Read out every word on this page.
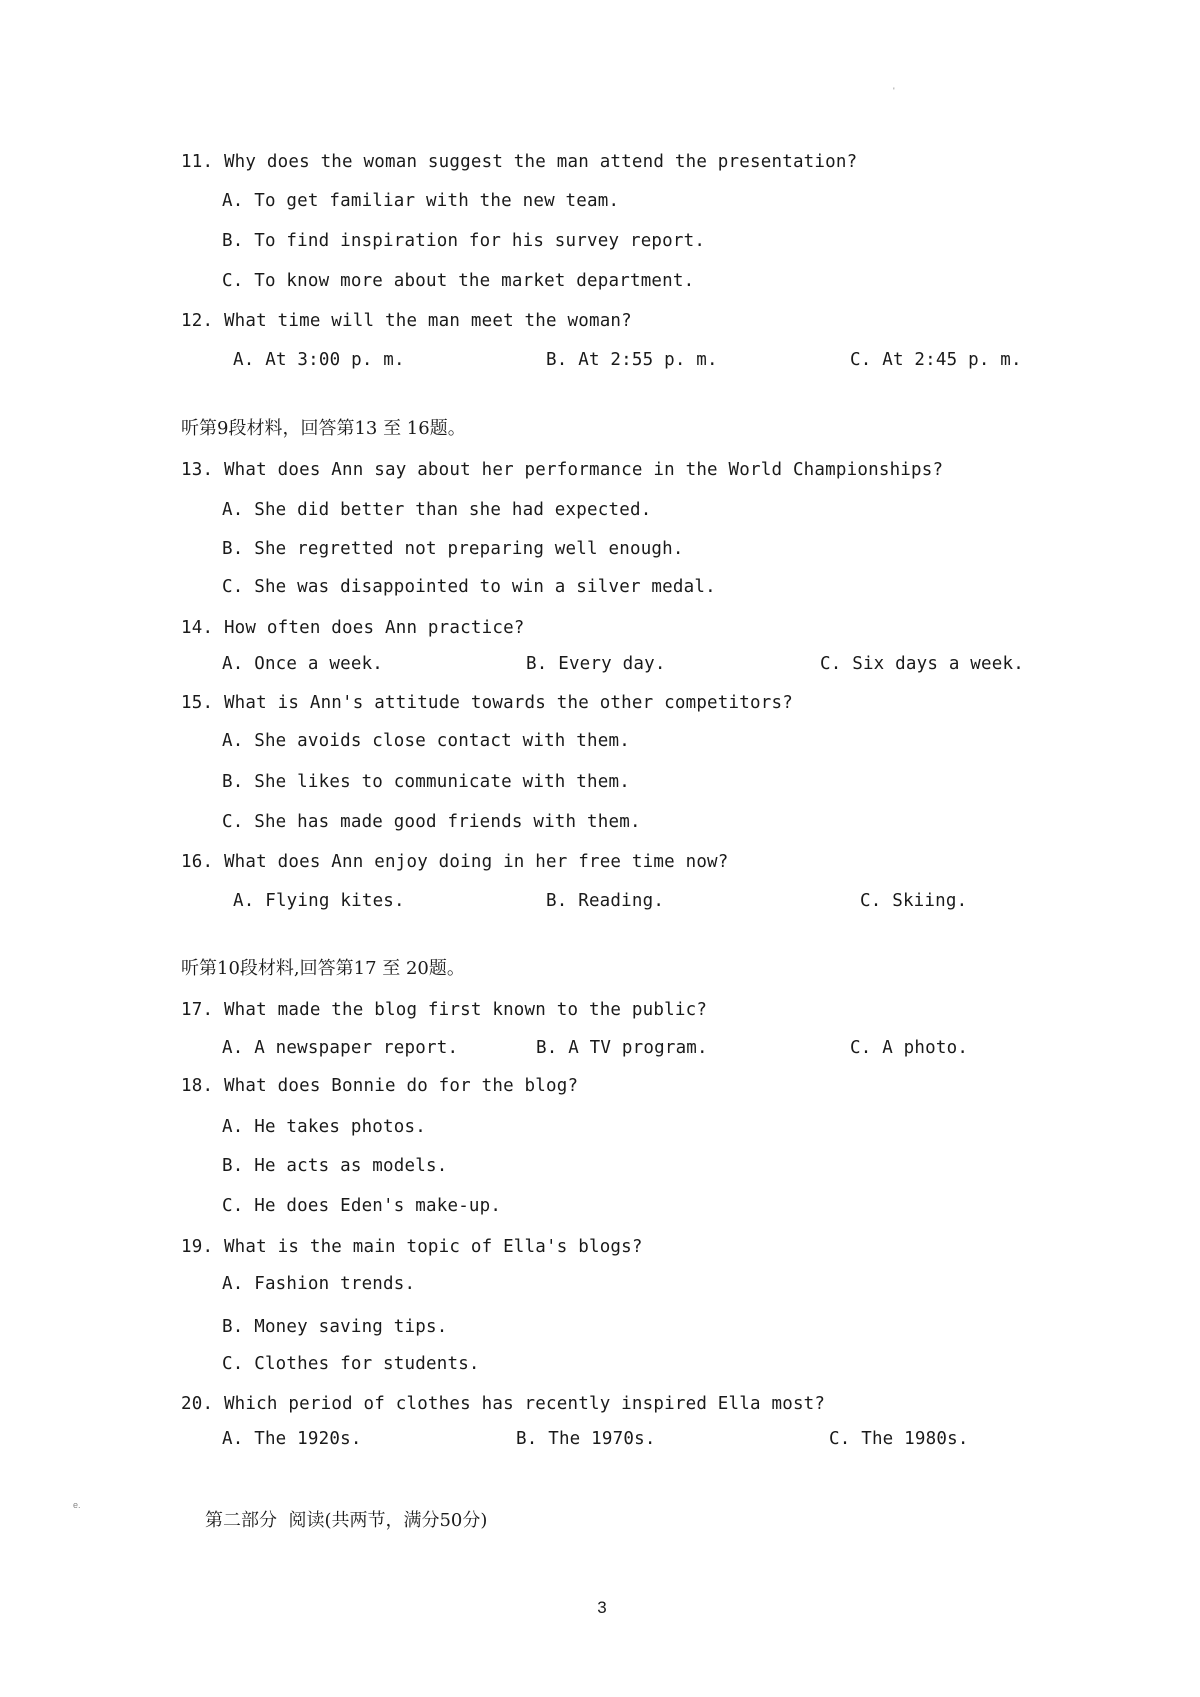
'
11. Why does the woman suggest the man attend the presentation?
A. To get familiar with the new team.
B. To find inspiration for his survey report.
C. To know more about the market department.
12. What time will the man meet the woman?
A. At 3:00 p. m.	B. At 2:55 p. m.	C. At 2:45 p. m.
听第9段材料，回答第13 至 16题。
13. What does Ann say about her performance in the World Championships?
A. She did better than she had expected.
B. She regretted not preparing well enough.
C. She was disappointed to win a silver medal.
14. How often does Ann practice?
A. Once a week.	B. Every day.	C. Six days a week.
15. What is Ann's attitude towards the other competitors?
A. She avoids close contact with them.
B. She likes to communicate with them.
C. She has made good friends with them.
16. What does Ann enjoy doing in her free time now?
A. Flying kites.	B. Reading.	C. Skiing.
听第10段材料,回答第17 至 20题。
17. What made the blog first known to the public?
A. A newspaper report.	B. A TV program.	C. A photo.
18. What does Bonnie do for the blog?
A. He takes photos.
B. He acts as models.
C. He does Eden's make-up.
19. What is the main topic of Ella's blogs?
A. Fashion trends.
B. Money saving tips.
C. Clothes for students.
20. Which period of clothes has recently inspired Ella most?
A. The 1920s.	B. The 1970s.	C. The 1980s.
e.
第二部分  阅读(共两节，满分50分)
3
